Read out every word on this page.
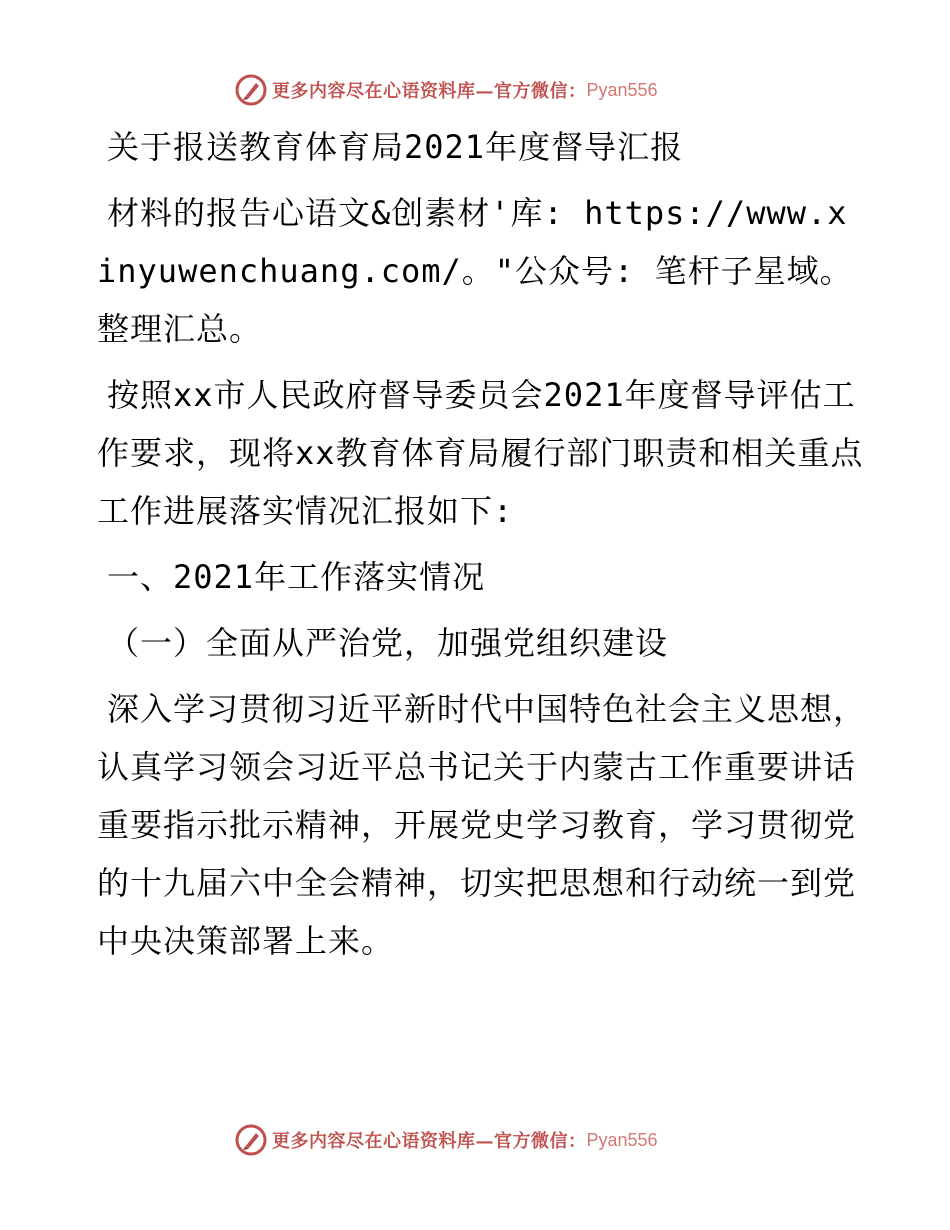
更多内容尽在心语资料库—官方微信： Pyan556

关于报送教育体育局2021年度督导汇报

材料的报告心语文&创素材'库: https://www.xinyuwenchuang.com/。"公众号: 笔杆子星域。整理汇总。

按照xx市人民政府督导委员会2021年度督导评估工作要求，现将xx教育体育局履行部门职责和相关重点工作进展落实情况汇报如下:

一、2021年工作落实情况

（一）全面从严治党，加强党组织建设

深入学习贯彻习近平新时代中国特色社会主义思想，认真学习领会习近平总书记关于内蒙古工作重要讲话重要指示批示精神，开展党史学习教育，学习贯彻党的十九届六中全会精神，切实把思想和行动统一到党中央决策部署上来。

更多内容尽在心语资料库—官方微信： Pyan556
